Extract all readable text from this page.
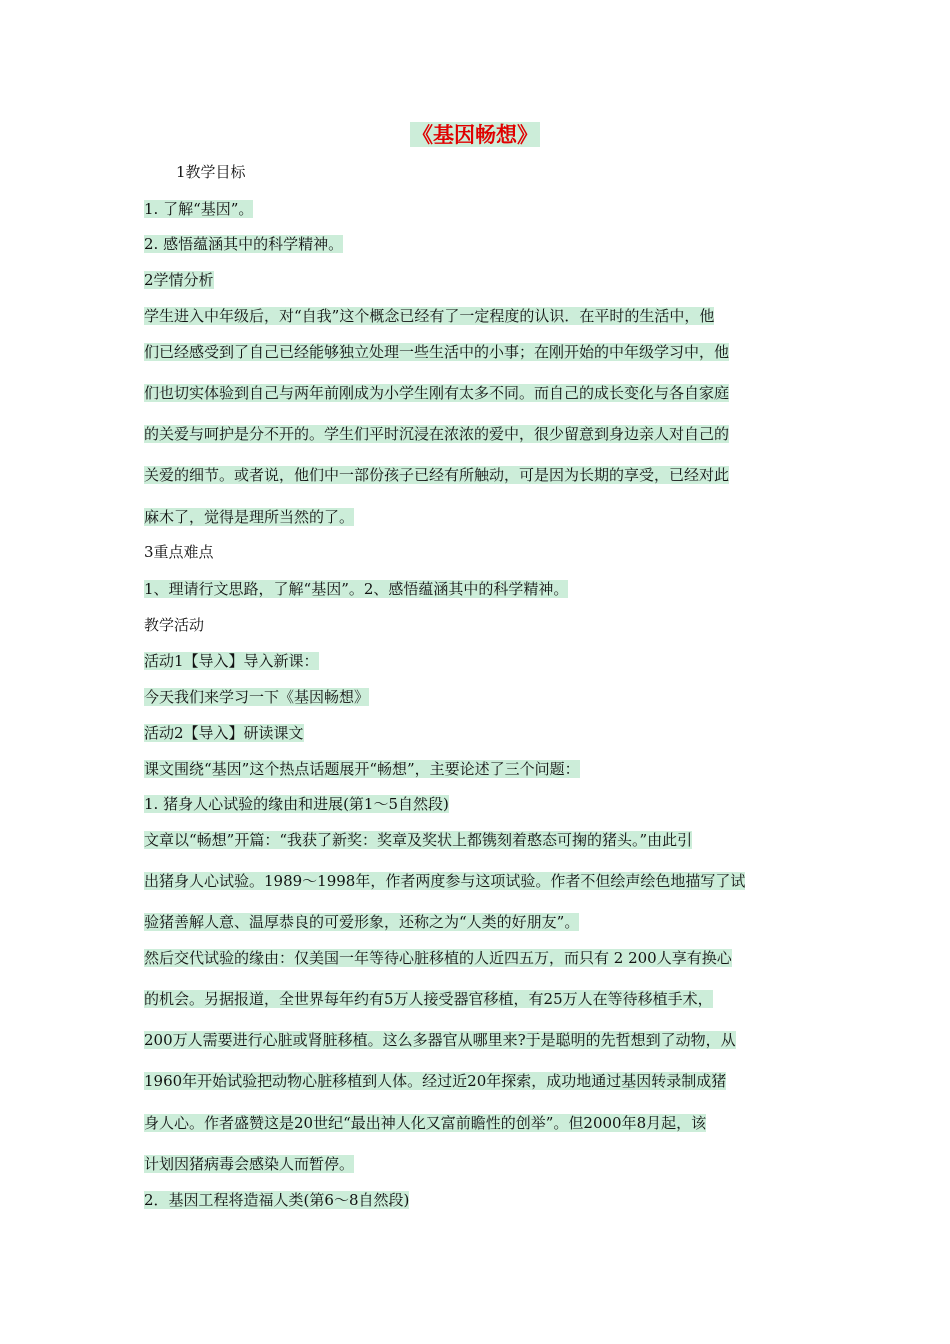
《基因畅想》
1教学目标
1. 了解“基因”。
2. 感悟蕴涵其中的科学精神。
2学情分析
学生进入中年级后，对“自我”这个概念已经有了一定程度的认识．在平时的生活中，他
们已经感受到了自己已经能够独立处理一些生活中的小事；在刚开始的中年级学习中，他
们也切实体验到自己与两年前刚成为小学生刚有太多不同。而自己的成长变化与各自家庭
的关爱与呵护是分不开的。学生们平时沉浸在浓浓的爱中，很少留意到身边亲人对自己的
关爱的细节。或者说，他们中一部份孩子已经有所触动，可是因为长期的享受，已经对此
麻木了，觉得是理所当然的了。
3重点难点
1、理请行文思路，了解“基因”。2、感悟蕴涵其中的科学精神。
教学活动
活动1【导入】导入新课：
今天我们来学习一下《基因畅想》
活动2【导入】研读课文
课文围绕“基因”这个热点话题展开“畅想”，主要论述了三个问题：
1. 猪身人心试验的缘由和进展(第1～5自然段)
文章以“畅想”开篇：“我获了新奖：奖章及奖状上都镌刻着憨态可掬的猪头。”由此引
出猪身人心试验。1989～1998年，作者两度参与这项试验。作者不但绘声绘色地描写了试
验猪善解人意、温厚恭良的可爱形象，还称之为“人类的好朋友”。
然后交代试验的缘由：仅美国一年等待心脏移植的人近四五万，而只有 2 200人享有换心
的机会。另据报道，全世界每年约有5万人接受器官移植，有25万人在等待移植手术，
200万人需要进行心脏或肾脏移植。这么多器官从哪里来?于是聪明的先哲想到了动物，从
1960年开始试验把动物心脏移植到人体。经过近20年探索，成功地通过基因转录制成猪
身人心。作者盛赞这是20世纪“最出神人化又富前瞻性的创举”。但2000年8月起，该
计划因猪病毒会感染人而暂停。
2．基因工程将造福人类(第6～8自然段)
